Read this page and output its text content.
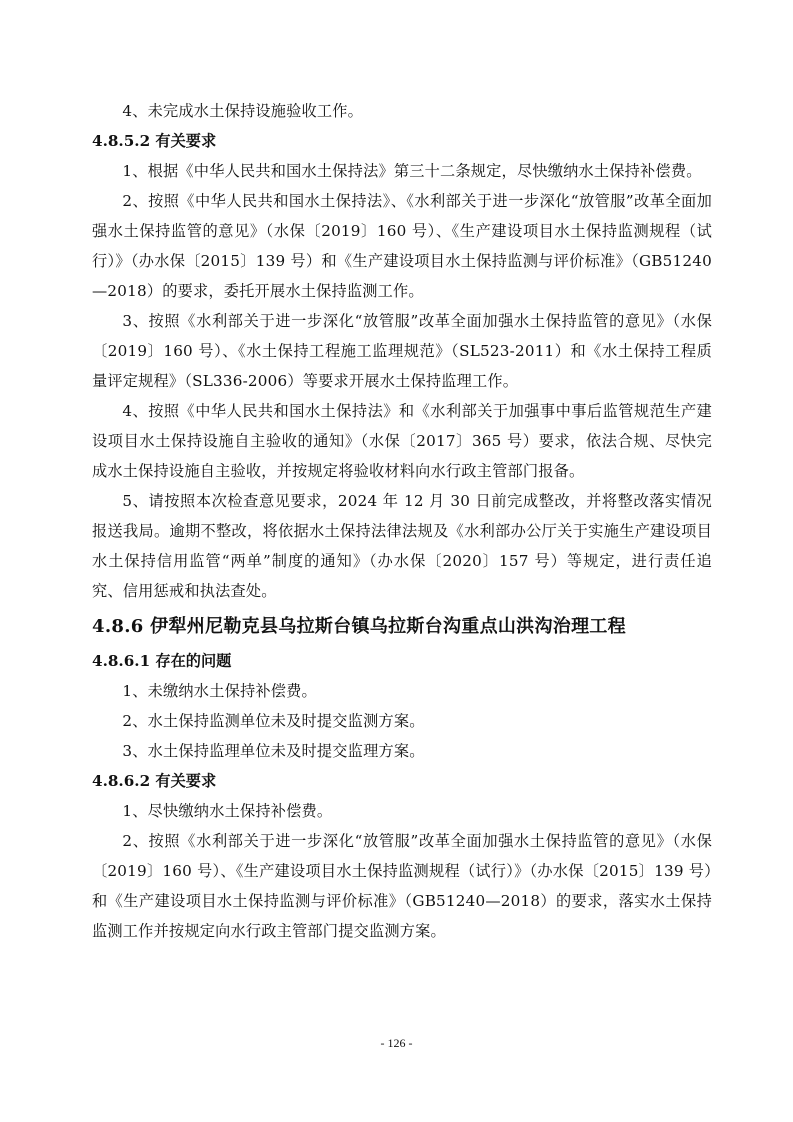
4、未完成水土保持设施验收工作。

4.8.5.2 有关要求

1、根据《中华人民共和国水土保持法》第三十二条规定，尽快缴纳水土保持补偿费。

2、按照《中华人民共和国水土保持法》、《水利部关于进一步深化“放管服”改革全面加强水土保持监管的意见》（水保〔2019〕160 号）、《生产建设项目水土保持监测规程（试行）》（办水保〔2015〕139 号）和《生产建设项目水土保持监测与评价标准》（GB51240—2018）的要求，委托开展水土保持监测工作。

3、按照《水利部关于进一步深化“放管服”改革全面加强水土保持监管的意见》（水保〔2019〕160 号）、《水土保持工程施工监理规范》（SL523-2011）和《水土保持工程质量评定规程》（SL336-2006）等要求开展水土保持监理工作。

4、按照《中华人民共和国水土保持法》和《水利部关于加强事中事后监管规范生产建设项目水土保持设施自主验收的通知》（水保〔2017〕365 号）要求，依法合规、尽快完成水土保持设施自主验收，并按规定将验收材料向水行政主管部门报备。

5、请按照本次检查意见要求，2024 年 12 月 30 日前完成整改，并将整改落实情况报送我局。逾期不整改，将依据水土保持法律法规及《水利部办公厅关于实施生产建设项目水土保持信用监管“两单”制度的通知》（办水保〔2020〕157 号）等规定，进行责任追究、信用惩戒和执法查处。

4.8.6 伊犁州尼勒克县乌拉斯台镇乌拉斯台沟重点山洪沟治理工程
4.8.6.1 存在的问题

1、未缴纳水土保持补偿费。

2、水土保持监测单位未及时提交监测方案。

3、水土保持监理单位未及时提交监理方案。

4.8.6.2 有关要求

1、尽快缴纳水土保持补偿费。

2、按照《水利部关于进一步深化“放管服”改革全面加强水土保持监管的意见》（水保〔2019〕160 号）、《生产建设项目水土保持监测规程（试行）》（办水保〔2015〕139 号）和《生产建设项目水土保持监测与评价标准》（GB51240—2018）的要求，落实水土保持监测工作并按规定向水行政主管部门提交监测方案。

- 126 -
